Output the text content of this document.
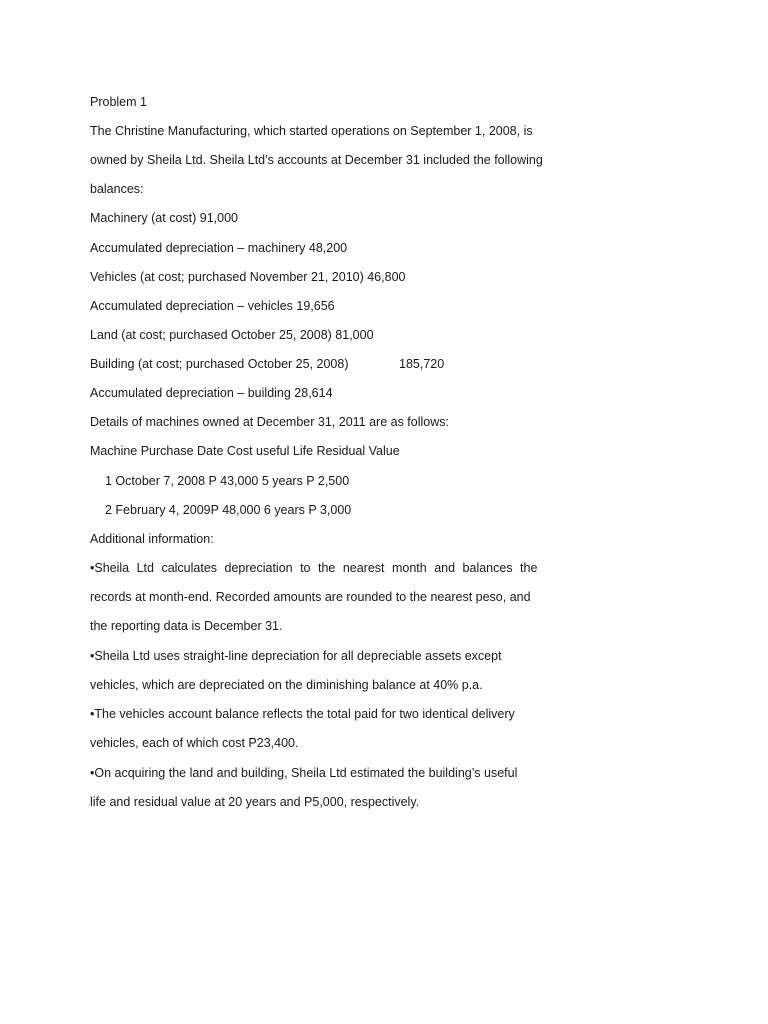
Problem 1
The Christine Manufacturing, which started operations on September 1, 2008, is
owned by Sheila Ltd. Sheila Ltd’s accounts at December 31 included the following
balances:
Machinery (at cost) 91,000
Accumulated depreciation – machinery 48,200
Vehicles (at cost; purchased November 21, 2010) 46,800
Accumulated depreciation – vehicles 19,656
Land (at cost; purchased October 25, 2008) 81,000
Building (at cost; purchased October 25, 2008)	185,720
Accumulated depreciation – building 28,614
Details of machines owned at December 31, 2011 are as follows:
Machine Purchase Date Cost useful Life Residual Value
1 October 7, 2008 P 43,000 5 years P 2,500
2 February 4, 2009P 48,000 6 years P 3,000
Additional information:
•Sheila Ltd calculates depreciation to the nearest month and balances the
records at month-end. Recorded amounts are rounded to the nearest peso, and
the reporting data is December 31.
•Sheila Ltd uses straight-line depreciation for all depreciable assets except
vehicles, which are depreciated on the diminishing balance at 40% p.a.
•The vehicles account balance reflects the total paid for two identical delivery
vehicles, each of which cost P23,400.
•On acquiring the land and building, Sheila Ltd estimated the building’s useful
life and residual value at 20 years and P5,000, respectively.
